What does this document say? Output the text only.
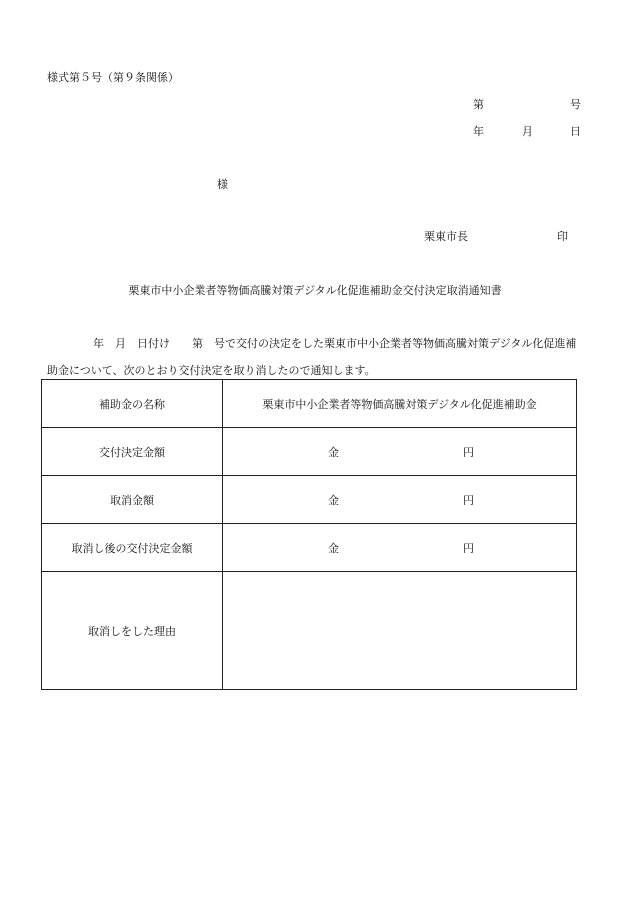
様式第５号（第９条関係）
第	号
年	月	日
様
栗東市長	印
栗東市中小企業者等物価高騰対策デジタル化促進補助金交付決定取消通知書
年　月　日付け　　第　号で交付の決定をした栗東市中小企業者等物価高騰対策デジタル化促進補助金について、次のとおり交付決定を取り消したので通知します。
補助金の名称	栗東市中小企業者等物価高騰対策デジタル化促進補助金
交付決定金額	金 円

取消金額	金 円

取消し後の交付決定金額	金 円

取消しをした理由	
